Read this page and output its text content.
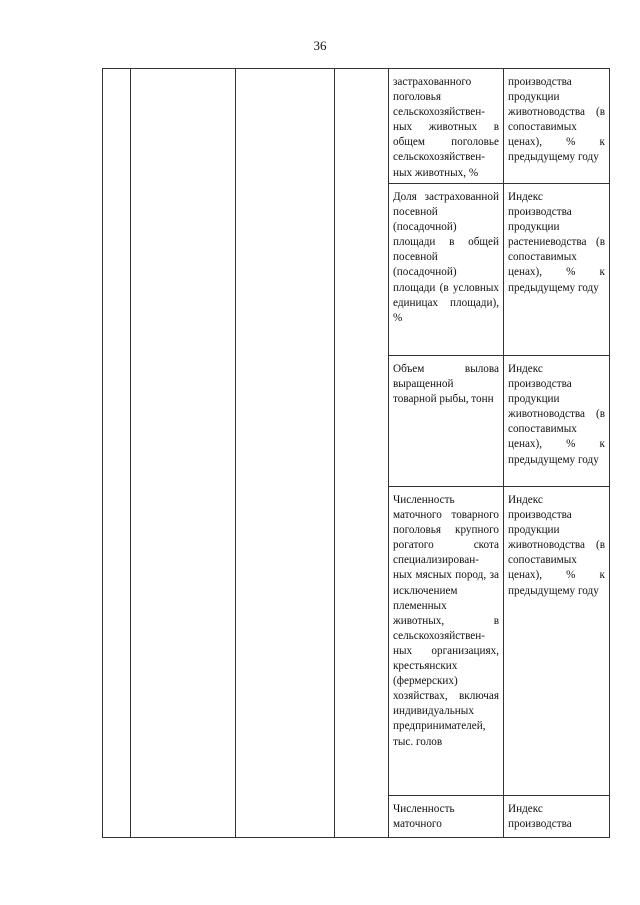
36
				застрахованного поголовья сельскохозяйствен- ных животных в общем поголовье сельскохозяйствен- ных животных, %	производства продукции животноводства (в сопоставимых ценах), % к предыдущему году
				Доля застрахованной посевной (посадочной) площади в общей посевной (посадочной) площади (в условных единицах площади), %	Индекс производства продукции растениеводства (в сопоставимых ценах), % к предыдущему году
				Объем вылова выращенной товарной рыбы, тонн	Индекс производства продукции животноводства (в сопоставимых ценах), % к предыдущему году
				Численность маточного товарного поголовья крупного рогатого скота специализирован- ных мясных пород, за исключением племенных животных, в сельскохозяйствен- ных организациях, крестьянских (фермерских) хозяйствах, включая индивидуальных предпринимателей, тыс. голов	Индекс производства продукции животноводства (в сопоставимых ценах), % к предыдущему году
				Численность маточного	Индекс производства
